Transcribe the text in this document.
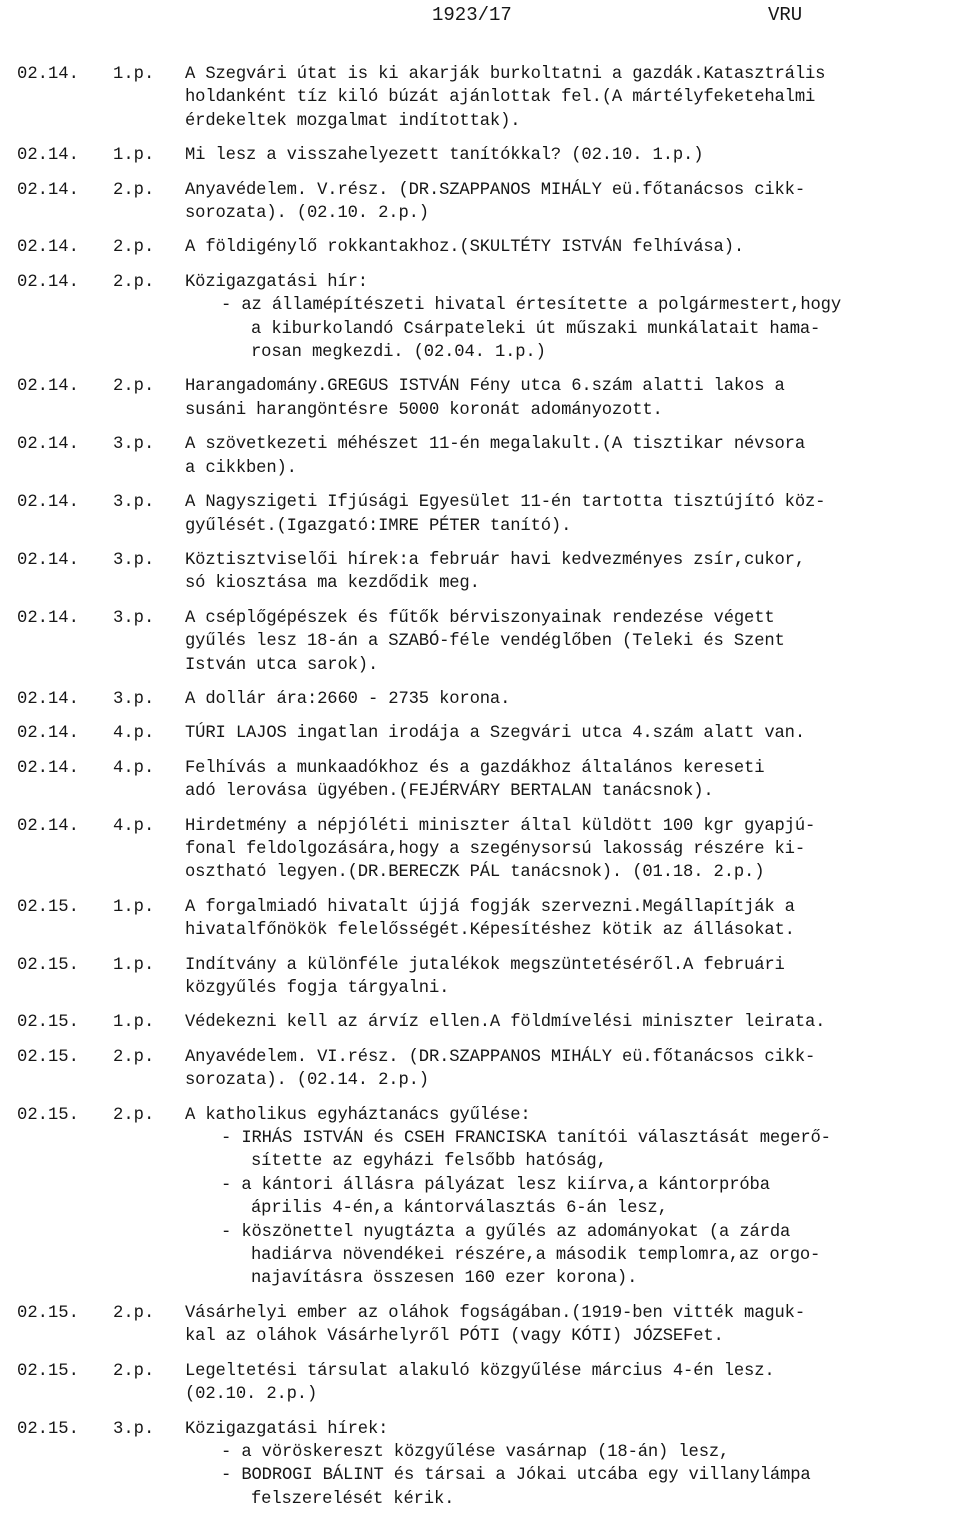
1923/17	VRU
02.14. 1.p. A Szegvári útat is ki akarják burkoltatni a gazdák.Katasztrális
holdanként tíz kiló búzát ajánlottak fel.(A mártélyfeketehalmi
érdekeltek mozgalmat indítottak).
02.14. 1.p. Mi lesz a visszahelyezett tanítókkal? (02.10. 1.p.)
02.14. 2.p. Anyavédelem. V.rész. (DR.SZAPPANOS MIHÁLY eü.főtanácsos cikk-
sorozata). (02.10. 2.p.)
02.14. 2.p. A földigénylő rokkantakhoz.(SKULTÉTY ISTVÁN felhívása).
02.14. 2.p. Közigazgatási hír:
- az államépítészeti hivatal értesítette a polgármestert,hogy
a kiburkolandó Csárpateleki út műszaki munkálatait hama-
rosan megkezdi. (02.04. 1.p.)
02.14. 2.p. Harangadomány.GREGUS ISTVÁN Fény utca 6.szám alatti lakos a
susáni harangöntésre 5000 koronát adományozott.
02.14. 3.p. A szövetkezeti méhészet 11-én megalakult.(A tisztikar névsora
a cikkben).
02.14. 3.p. A Nagyszigeti Ifjúsági Egyesület 11-én tartotta tisztújító köz-
gyűlését.(Igazgató:IMRE PÉTER tanító).
02.14. 3.p. Köztisztviselői hírek:a február havi kedvezményes zsír,cukor,
só kiosztása ma kezdődik meg.
02.14. 3.p. A cséplőgépészek és fűtők bérviszonyainak rendezése végett
gyűlés lesz 18-án a SZABÓ-féle vendéglőben (Teleki és Szent
István utca sarok).
02.14. 3.p. A dollár ára:2660 - 2735 korona.
02.14. 4.p. TÚRI LAJOS ingatlan irodája a Szegvári utca 4.szám alatt van.
02.14. 4.p. Felhívás a munkaadókhoz és a gazdákhoz általános kereseti
adó lerovása ügyében.(FEJÉRVÁRY BERTALAN tanácsnok).
02.14. 4.p. Hirdetmény a népjóléti miniszter által küldött 100 kgr gyapjú-
fonal feldolgozására,hogy a szegénysorsú lakosság részére ki-
osztható legyen.(DR.BERECZK PÁL tanácsnok). (01.18. 2.p.)
02.15. 1.p. A forgalmiadó hivatalt újjá fogják szervezni.Megállapítják a
hivatalfőnökök felelősségét.Képesítéshez kötik az állásokat.
02.15. 1.p. Indítvány a különféle jutalékok megszüntetéséről.A februári
közgyűlés fogja tárgyalni.
02.15. 1.p. Védekezni kell az árvíz ellen.A földmívelési miniszter leirata.
02.15. 2.p. Anyavédelem. VI.rész. (DR.SZAPPANOS MIHÁLY eü.főtanácsos cikk-
sorozata). (02.14. 2.p.)
02.15. 2.p. A katholikus egyháztanács gyűlése:
- IRHÁS ISTVÁN és CSEH FRANCISKA tanítói választását megerő-
sítette az egyházi felsőbb hatóság,
- a kántori állásra pályázat lesz kiírva,a kántorpróba
április 4-én,a kántorválasztás 6-án lesz,
- köszönettel nyugtázta a gyűlés az adományokat (a zárda
hadiárva növendékei részére,a második templomra,az orgo-
najavításra összesen 160 ezer korona).
02.15. 2.p. Vásárhelyi ember az oláhok fogságában.(1919-ben vitték maguk-
kal az oláhok Vásárhelyről PÓTI (vagy KÓTI) JÓZSEFet.
02.15. 2.p. Legeltetési társulat alakuló közgyűlése március 4-én lesz.
(02.10. 2.p.)
02.15. 3.p. Közigazgatási hírek:
- a vöröskereszt közgyűlése vasárnap (18-án) lesz,
- BODROGI BÁLINT és társai a Jókai utcába egy villanylámpa
felszerelését kérik.
